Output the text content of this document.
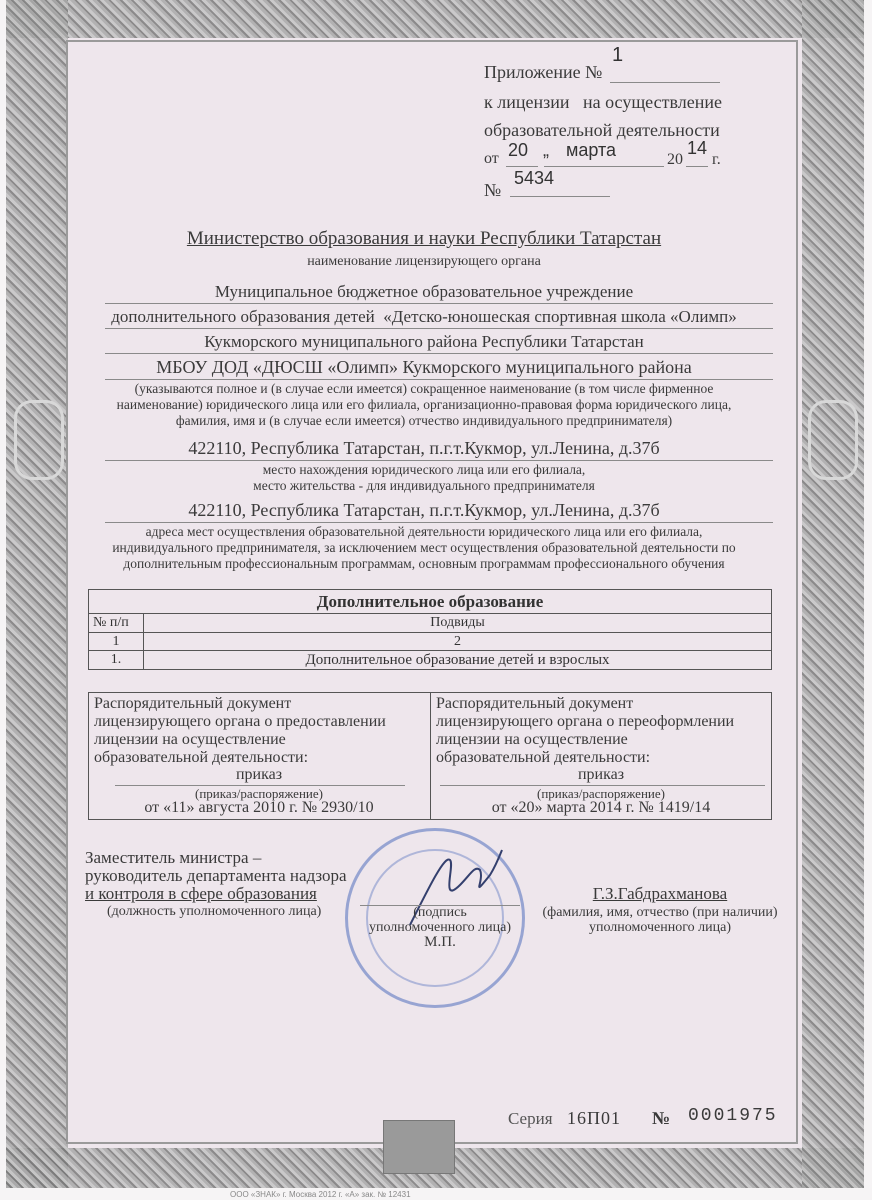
Приложение №
1
к лицензии   на осуществление
образовательной деятельности
от 20 „ марта	20
14
г.
№
5434
Министерство образования и науки Республики Татарстан
наименование лицензирующего органа
Муниципальное бюджетное образовательное учреждение
дополнительного образования детей  «Детско-юношеская спортивная школа «Олимп»
Кукморского муниципального района Республики Татарстан
МБОУ ДОД «ДЮСШ «Олимп» Кукморского муниципального района
(указываются полное и (в случае если имеется) сокращенное наименование (в том числе фирменное
наименование) юридического лица или его филиала, организационно-правовая форма юридического лица,
фамилия, имя и (в случае если имеется) отчество индивидуального предпринимателя)
422110, Республика Татарстан, п.г.т.Кукмор, ул.Ленина, д.37б
место нахождения юридического лица или его филиала,
место жительства - для индивидуального предпринимателя
422110, Республика Татарстан, п.г.т.Кукмор, ул.Ленина, д.37б
адреса мест осуществления образовательной деятельности юридического лица или его филиала,
индивидуального предпринимателя, за исключением мест осуществления образовательной деятельности по
дополнительным профессиональным программам, основным программам профессионального обучения
Дополнительное образование	
№ п/п	Подвиды
1	2
1.	Дополнительное образование детей и взрослых
Распорядительный документ
лицензирующего органа о предоставлении
лицензии на осуществление
образовательной деятельности:
приказ
(приказ/распоряжение)
от «11» августа 2010 г. № 2930/10
Распорядительный документ
лицензирующего органа о переоформлении
лицензии на осуществление
образовательной деятельности:
приказ
(приказ/распоряжение)
от «20» марта 2014 г. № 1419/14
Заместитель министра –
руководитель департамента надзора
и контроля в сфере образования
(должность уполномоченного лица)	(подпись
уполномоченного лица)
М.П.
Г.З.Габдрахманова
(фамилия, имя, отчество (при наличии)
уполномоченного лица)
Серия 16П01 № 0001975
ООО «ЗНАК» г. Москва 2012 г. «А» зак. № 12431
